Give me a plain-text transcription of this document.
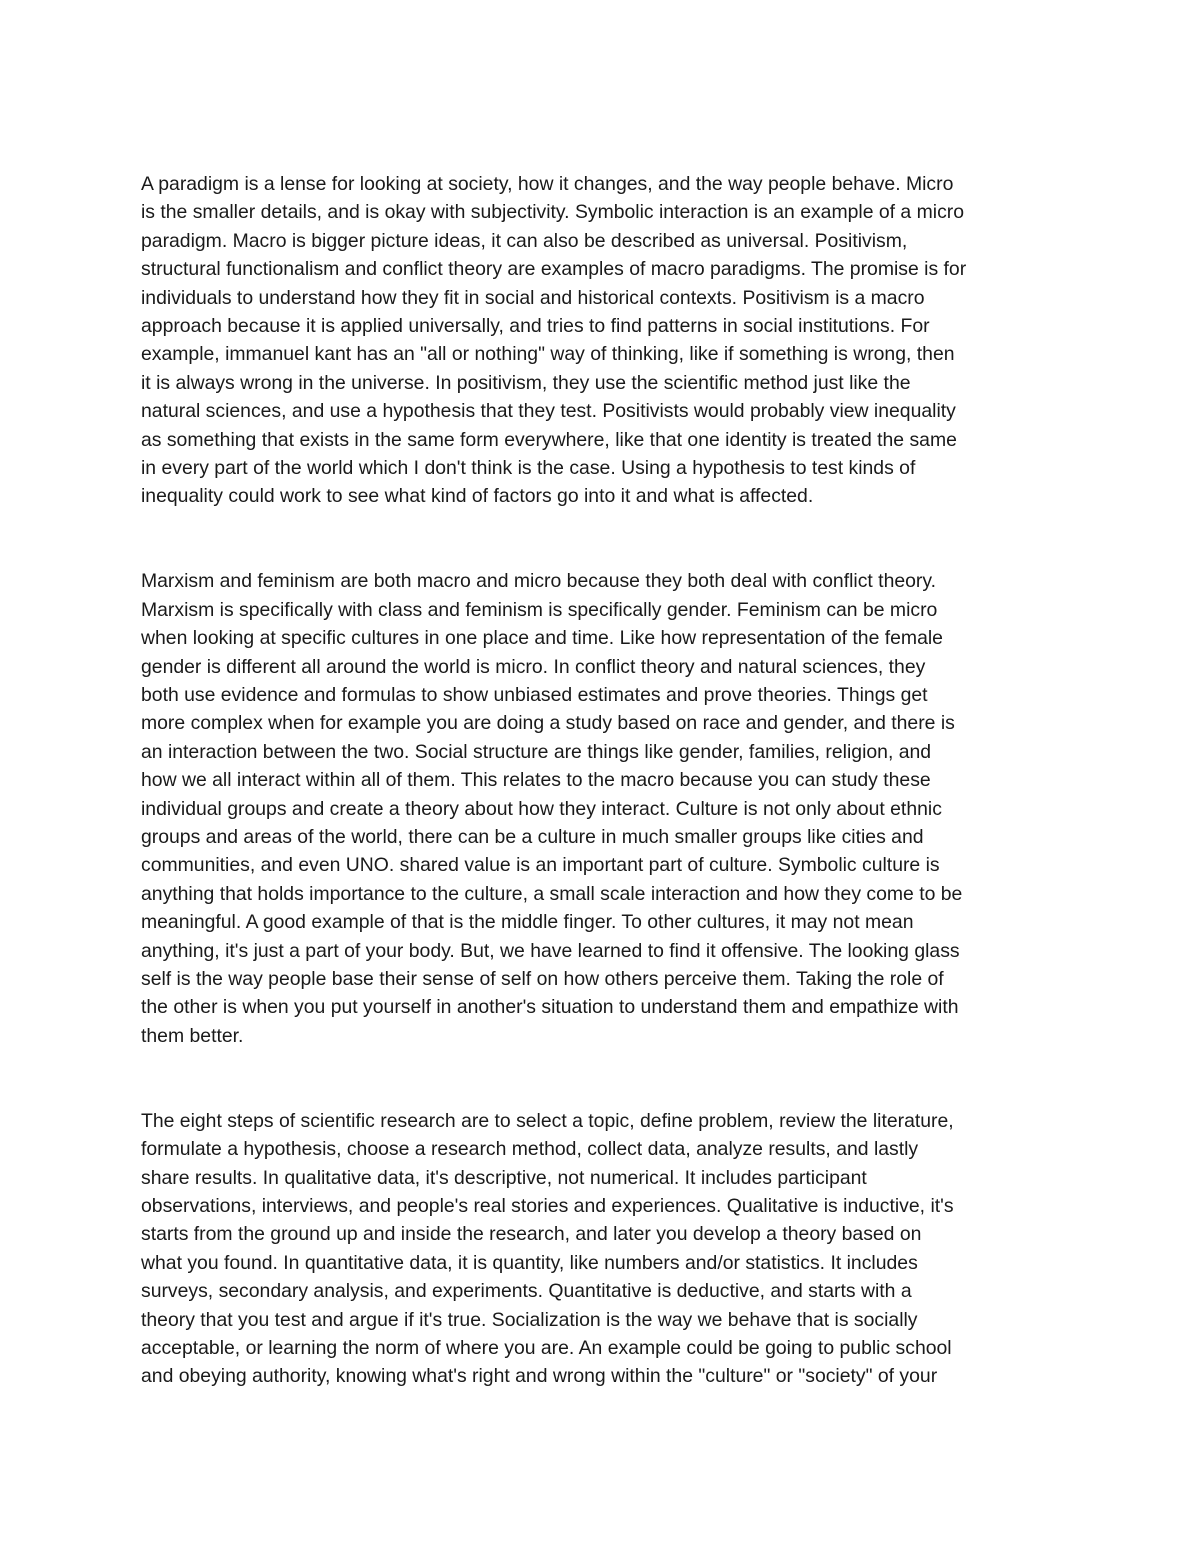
A paradigm is a lense for looking at society, how it changes, and the way people behave. Micro
is the smaller details, and is okay with subjectivity. Symbolic interaction is an example of a micro
paradigm. Macro is bigger picture ideas, it can also be described as universal. Positivism,
structural functionalism and conflict theory are examples of macro paradigms. The promise is for
individuals to understand how they fit in social and historical contexts. Positivism is a macro
approach because it is applied universally, and tries to find patterns in social institutions. For
example, immanuel kant has an "all or nothing" way of thinking, like if something is wrong, then
it is always wrong in the universe. In positivism, they use the scientific method just like the
natural sciences, and use a hypothesis that they test. Positivists would probably view inequality
as something that exists in the same form everywhere, like that one identity is treated the same
in every part of the world which I don't think is the case. Using a hypothesis to test kinds of
inequality could work to see what kind of factors go into it and what is affected.

Marxism and feminism are both macro and micro because they both deal with conflict theory.
Marxism is specifically with class and feminism is specifically gender. Feminism can be micro
when looking at specific cultures in one place and time. Like how representation of the female
gender is different all around the world is micro. In conflict theory and natural sciences, they
both use evidence and formulas to show unbiased estimates and prove theories. Things get
more complex when for example you are doing a study based on race and gender, and there is
an interaction between the two. Social structure are things like gender, families, religion, and
how we all interact within all of them. This relates to the macro because you can study these
individual groups and create a theory about how they interact. Culture is not only about ethnic
groups and areas of the world, there can be a culture in much smaller groups like cities and
communities, and even UNO. shared value is an important part of culture. Symbolic culture is
anything that holds importance to the culture, a small scale interaction and how they come to be
meaningful. A good example of that is the middle finger. To other cultures, it may not mean
anything, it's just a part of your body. But, we have learned to find it offensive. The looking glass
self is the way people base their sense of self on how others perceive them. Taking the role of
the other is when you put yourself in another's situation to understand them and empathize with
them better.

The eight steps of scientific research are to select a topic, define problem, review the literature,
formulate a hypothesis, choose a research method, collect data, analyze results, and lastly
share results. In qualitative data, it's descriptive, not numerical. It includes participant
observations, interviews, and people's real stories and experiences. Qualitative is inductive, it's
starts from the ground up and inside the research, and later you develop a theory based on
what you found. In quantitative data, it is quantity, like numbers and/or statistics. It includes
surveys, secondary analysis, and experiments. Quantitative is deductive, and starts with a
theory that you test and argue if it's true. Socialization is the way we behave that is socially
acceptable, or learning the norm of where you are. An example could be going to public school
and obeying authority, knowing what's right and wrong within the "culture" or "society" of your
